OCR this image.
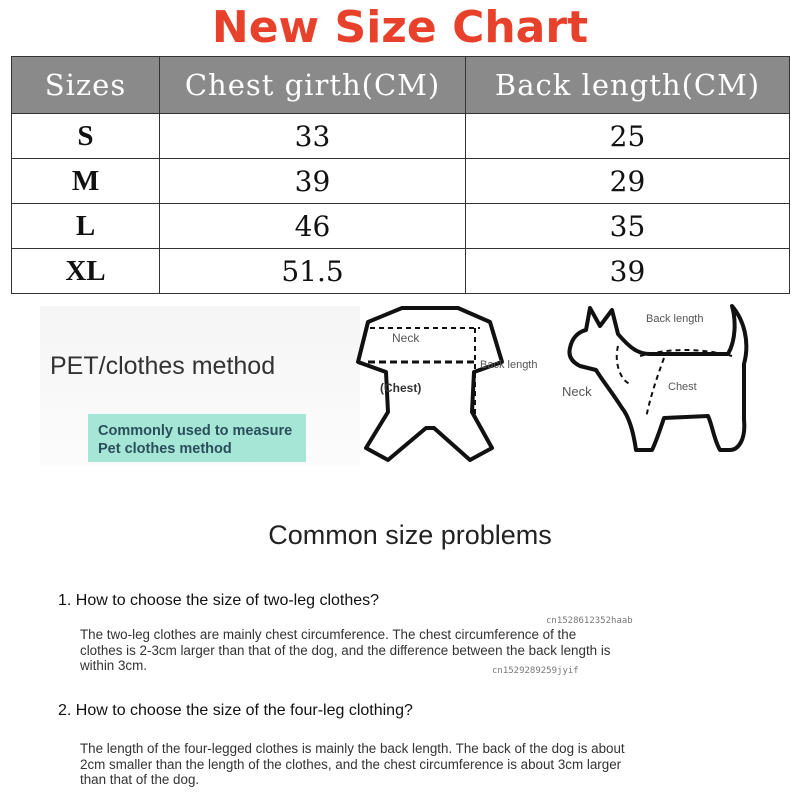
New Size Chart
Sizes	Chest girth(CM)	Back length(CM)
S	33	25
M	39	29
L	46	35
XL	51.5	39
PET/clothes method
Commonly used to measure
Pet clothes method
Neck
(Chest)
Back length
Back length
Neck	Chest
Common size problems
1. How to choose the size of two-leg clothes?
cn1528612352haab
The two-leg clothes are mainly chest circumference. The chest circumference of the
clothes is 2-3cm larger than that of the dog, and the difference between the back length is
within 3cm.	cn1529289259jyif
2. How to choose the size of the four-leg clothing?
The length of the four-legged clothes is mainly the back length. The back of the dog is about
2cm smaller than the length of the clothes, and the chest circumference is about 3cm larger
than that of the dog.
